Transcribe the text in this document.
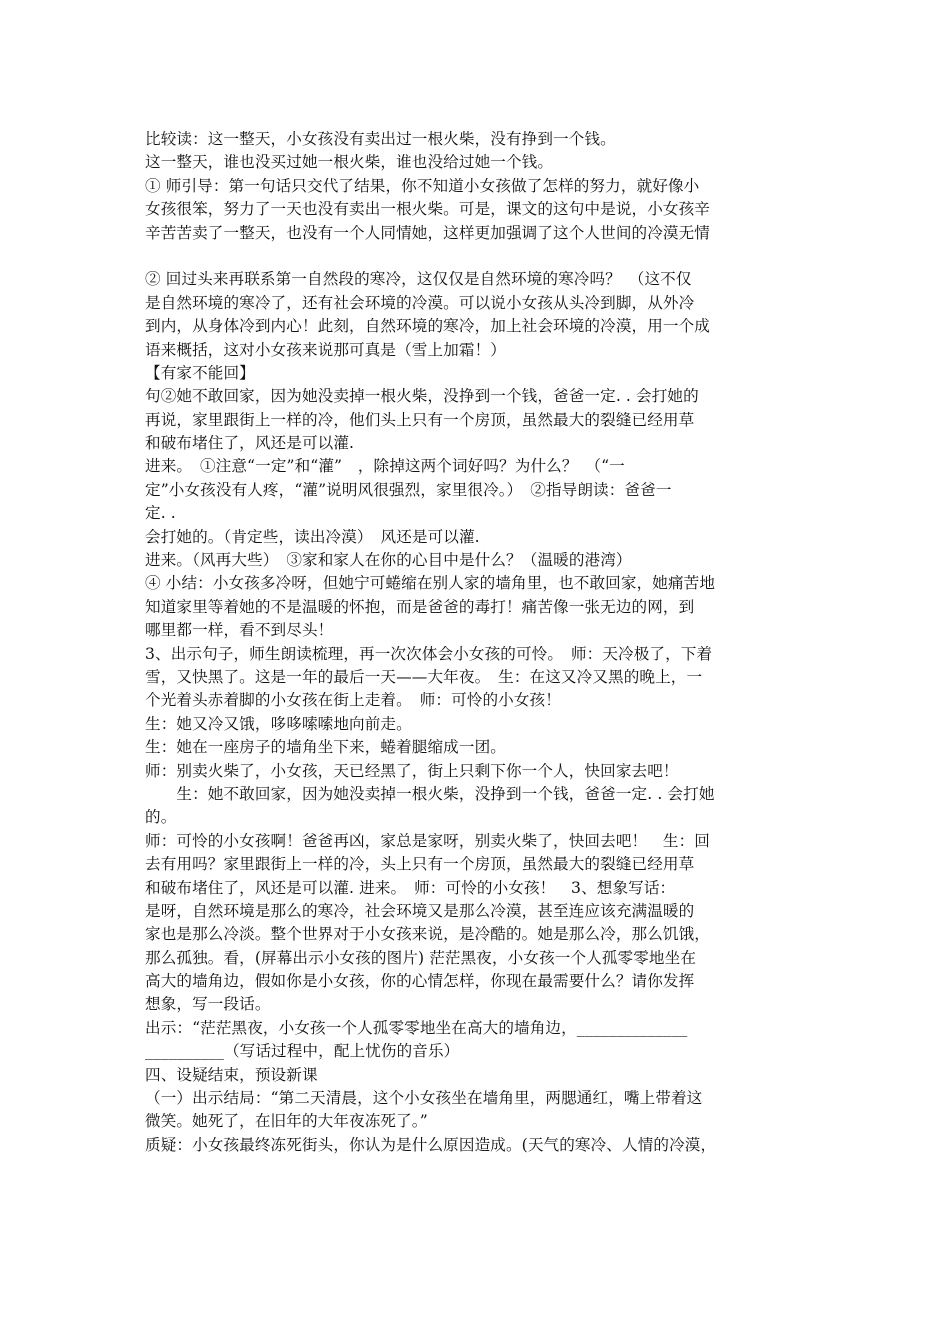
比较读：这一整天，小女孩没有卖出过一根火柴，没有挣到一个钱。
这一整天，谁也没买过她一根火柴，谁也没给过她一个钱。
① 师引导：第一句话只交代了结果，你不知道小女孩做了怎样的努力，就好像小
女孩很笨，努力了一天也没有卖出一根火柴。可是，课文的这句中是说，小女孩辛
辛苦苦卖了一整天，也没有一个人同情她，这样更加强调了这个人世间的冷漠无情
② 回过头来再联系第一自然段的寒冷，这仅仅是自然环境的寒冷吗？　（这不仅
是自然环境的寒冷了，还有社会环境的冷漠。可以说小女孩从头冷到脚，从外冷
到内，从身体冷到内心！此刻，自然环境的寒冷，加上社会环境的冷漠，用一个成
语来概括，这对小女孩来说那可真是（雪上加霜！）
【有家不能回】
句②她不敢回家，因为她没卖掉一根火柴，没挣到一个钱，爸爸一定. . 会打她的
再说，家里跟街上一样的冷，他们头上只有一个房顶，虽然最大的裂缝已经用草
和破布堵住了，风还是可以灌.
进来。　①注意“一定”和“灌”　，除掉这两个词好吗？为什么？　（“一
定”小女孩没有人疼，“灌”说明风很强烈，家里很冷。）　②指导朗读：爸爸一
定. .
会打她的。（肯定些，读出冷漠）　风还是可以灌.
进来。（风再大些）　③家和家人在你的心目中是什么？（温暖的港湾）
④ 小结：小女孩多冷呀，但她宁可蜷缩在别人家的墙角里，也不敢回家，她痛苦地
知道家里等着她的不是温暖的怀抱，而是爸爸的毒打！痛苦像一张无边的网，到
哪里都一样，看不到尽头！
3、出示句子，师生朗读梳理，再一次次体会小女孩的可怜。　师：天冷极了，下着
雪，又快黑了。这是一年的最后一天——大年夜。　生：在这又冷又黑的晚上，一
个光着头赤着脚的小女孩在街上走着。　师：可怜的小女孩！
生：她又冷又饿，哆哆嗦嗦地向前走。
生：她在一座房子的墙角坐下来，蜷着腿缩成一团。
师：别卖火柴了，小女孩，天已经黑了，街上只剩下你一个人，快回家去吧！
　　生：她不敢回家，因为她没卖掉一根火柴，没挣到一个钱，爸爸一定. . 会打她
的。
师：可怜的小女孩啊！爸爸再凶，家总是家呀，别卖火柴了，快回去吧！　生：回
去有用吗？家里跟街上一样的冷，头上只有一个房顶，虽然最大的裂缝已经用草
和破布堵住了，风还是可以灌. 进来。　师：可怜的小女孩！　3、想象写话：
是呀，自然环境是那么的寒冷，社会环境又是那么冷漠，甚至连应该充满温暖的
家也是那么冷淡。整个世界对于小女孩来说，是冷酷的。她是那么冷，那么饥饿，
那么孤独。看，(屏幕出示小女孩的图片) 茫茫黑夜，小女孩一个人孤零零地坐在
高大的墙角边，假如你是小女孩，你的心情怎样，你现在最需要什么？请你发挥
想象，写一段话。
出示：“茫茫黑夜，小女孩一个人孤零零地坐在高大的墙角边，______________
__________（写话过程中，配上忧伤的音乐）
四、设疑结束，预设新课
（一）出示结局：“第二天清晨，这个小女孩坐在墙角里，两腮通红，嘴上带着这
微笑。她死了，在旧年的大年夜冻死了。”
质疑：小女孩最终冻死街头，你认为是什么原因造成。(天气的寒冷、人情的冷漠，
